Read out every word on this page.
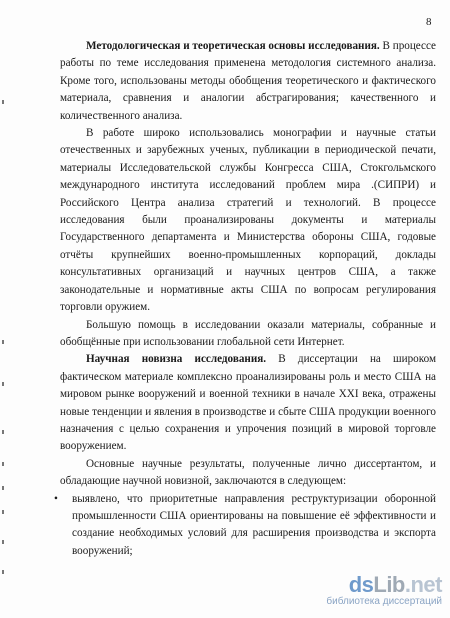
8

Методологическая и теоретическая основы исследования. В процессе работы по теме исследования применена методология системного анализа. Кроме того, использованы методы обобщения теоретического и фактического материала, сравнения и аналогии абстрагирования; качественного и количественного анализа.

В работе широко использовались монографии и научные статьи отечественных и зарубежных ученых, публикации в периодической печати, материалы Исследовательской службы Конгресса США, Стокгольмского международного института исследований проблем мира .(СИПРИ) и Российского Центра анализа стратегий и технологий. В процессе исследования были проанализированы документы и материалы Государственного департамента и Министерства обороны США, годовые отчёты крупнейших военно-промышленных корпораций, доклады консультативных организаций и научных центров США, а также законодательные и нормативные акты США по вопросам регулирования торговли оружием.

Большую помощь в исследовании оказали материалы, собранные и обобщённые при использовании глобальной сети Интернет.

Научная новизна исследования. В диссертации на широком фактическом материале комплексно проанализированы роль и место США на мировом рынке вооружений и военной техники в начале XXI века, отражены новые тенденции и явления в производстве и сбыте США продукции военного назначения с целью сохранения и упрочения позиций в мировой торговле вооружением.

Основные научные результаты, полученные лично диссертантом, и обладающие научной новизной, заключаются в следующем:

• выявлено, что приоритетные направления реструктуризации оборонной промышленности США ориентированы на повышение её эффективности и создание необходимых условий для расширения производства и экспорта вооружений;
dsLib.net
библиотека диссертаций
